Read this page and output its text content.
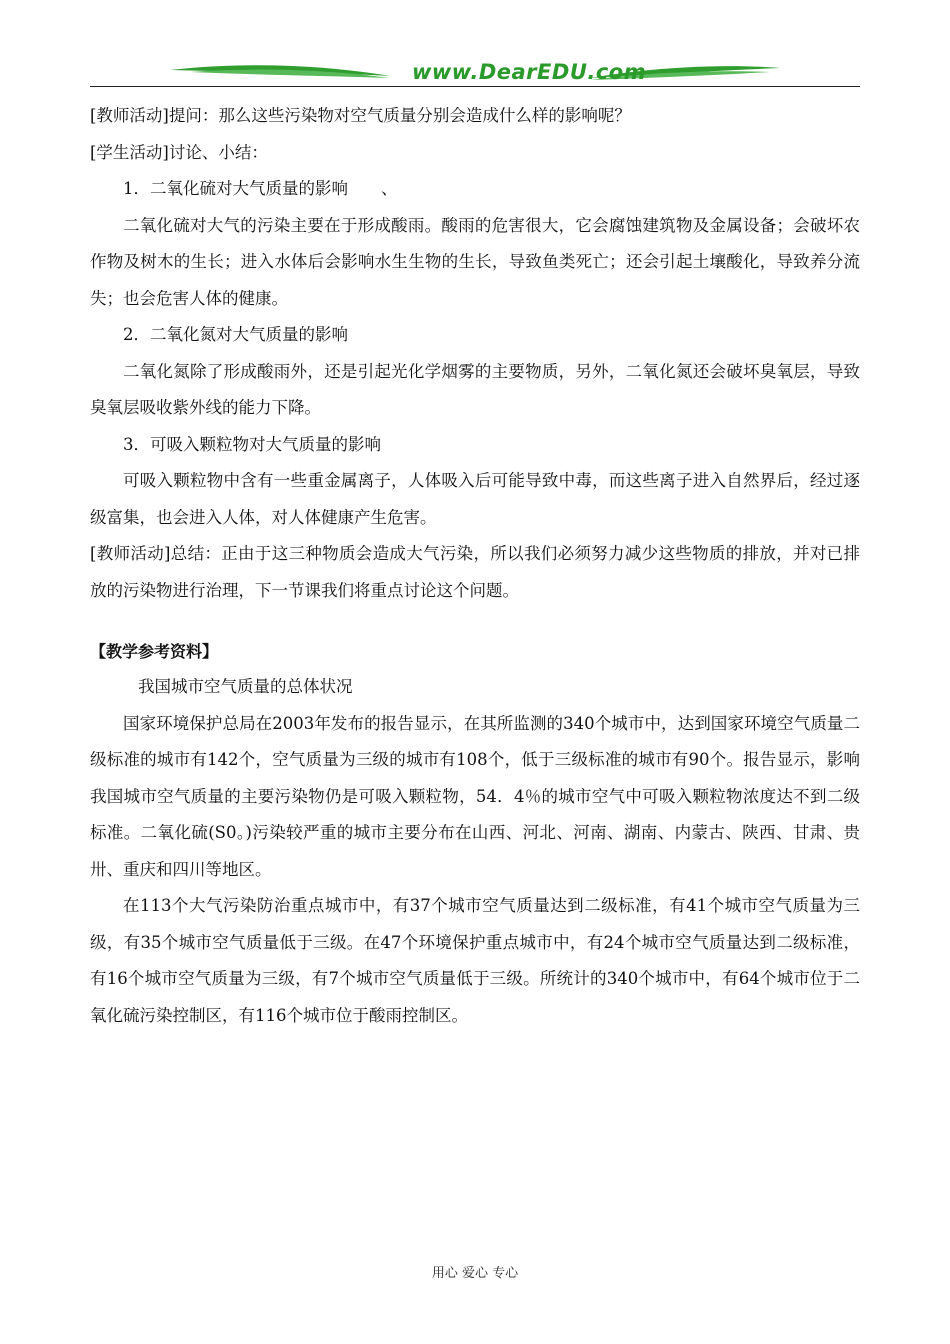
www.DearEDU.com

[教师活动]提问：那么这些污染物对空气质量分别会造成什么样的影响呢？

[学生活动]讨论、小结：

1．二氧化硫对大气质量的影响　　、

二氧化硫对大气的污染主要在于形成酸雨。酸雨的危害很大，它会腐蚀建筑物及金属设备；会破坏农作物及树木的生长；进入水体后会影响水生生物的生长，导致鱼类死亡；还会引起土壤酸化，导致养分流失；也会危害人体的健康。

2．二氧化氮对大气质量的影响

二氧化氮除了形成酸雨外，还是引起光化学烟雾的主要物质，另外，二氧化氮还会破坏臭氧层，导致臭氧层吸收紫外线的能力下降。

3．可吸入颗粒物对大气质量的影响

可吸入颗粒物中含有一些重金属离子，人体吸入后可能导致中毒，而这些离子进入自然界后，经过逐级富集，也会进入人体，对人体健康产生危害。

[教师活动]总结：正由于这三种物质会造成大气污染，所以我们必须努力减少这些物质的排放，并对已排放的污染物进行治理，下一节课我们将重点讨论这个问题。

【教学参考资料】

我国城市空气质量的总体状况

国家环境保护总局在2003年发布的报告显示，在其所监测的340个城市中，达到国家环境空气质量二级标准的城市有142个，空气质量为三级的城市有108个，低于三级标准的城市有90个。报告显示，影响我国城市空气质量的主要污染物仍是可吸入颗粒物，54．4％的城市空气中可吸入颗粒物浓度达不到二级标准。二氧化硫(S0。)污染较严重的城市主要分布在山西、河北、河南、湖南、内蒙古、陕西、甘肃、贵卅、重庆和四川等地区。

在113个大气污染防治重点城市中，有37个城市空气质量达到二级标准，有41个城市空气质量为三级，有35个城市空气质量低于三级。在47个环境保护重点城市中，有24个城市空气质量达到二级标准，有16个城市空气质量为三级，有7个城市空气质量低于三级。所统计的340个城市中，有64个城市位于二氧化硫污染控制区，有116个城市位于酸雨控制区。

用心 爱心 专心
